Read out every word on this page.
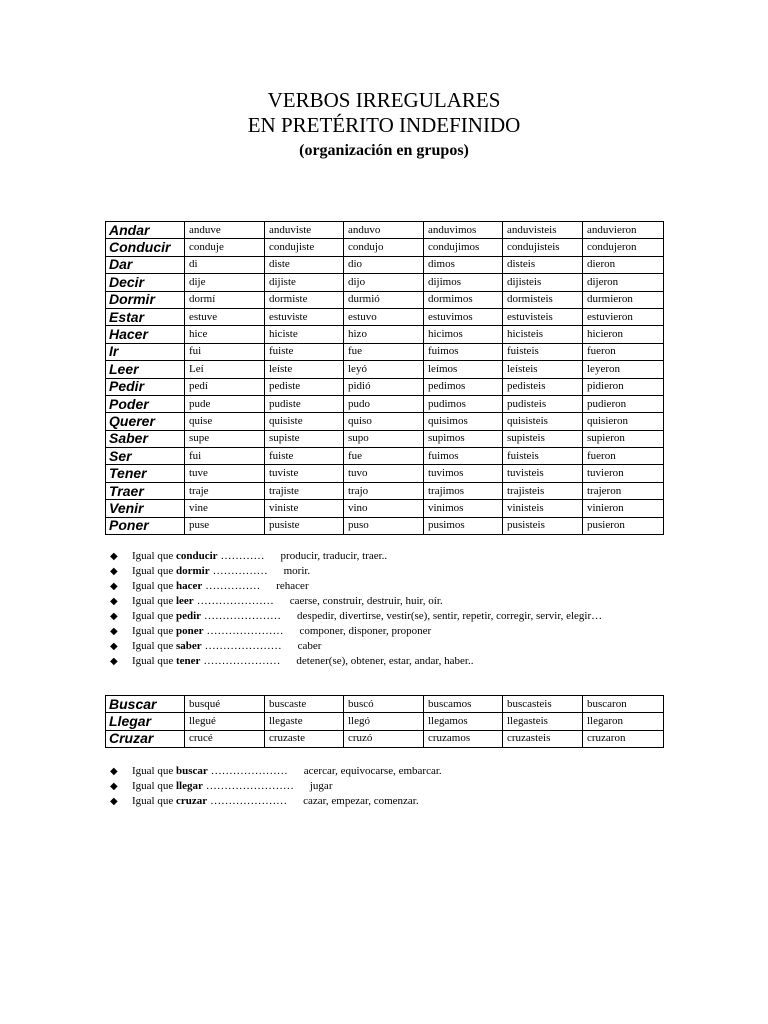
VERBOS IRREGULARES
EN PRETÉRITO INDEFINIDO
(organización en grupos)
Andar	anduve	anduviste	anduvo	anduvimos	anduvisteis	anduvieron
Conducir	conduje	condujiste	condujo	condujimos	condujisteis	condujeron
Dar	di	diste	dio	dimos	disteis	dieron
Decir	dije	dijiste	dijo	dijimos	dijisteis	dijeron
Dormir	dormí	dormiste	durmió	dormimos	dormisteis	durmieron
Estar	estuve	estuviste	estuvo	estuvimos	estuvisteis	estuvieron
Hacer	hice	hiciste	hizo	hicimos	hicisteis	hicieron
Ir	fui	fuiste	fue	fuimos	fuisteis	fueron
Leer	Leí	leíste	leyó	leímos	leísteis	leyeron
Pedir	pedí	pediste	pidió	pedimos	pedisteis	pidieron
Poder	pude	pudiste	pudo	pudimos	pudisteis	pudieron
Querer	quise	quisiste	quiso	quisimos	quisisteis	quisieron
Saber	supe	supiste	supo	supimos	supisteis	supieron
Ser	fui	fuiste	fue	fuimos	fuisteis	fueron
Tener	tuve	tuviste	tuvo	tuvimos	tuvisteis	tuvieron
Traer	traje	trajiste	trajo	trajimos	trajisteis	trajeron
Venir	vine	viniste	vino	vinimos	vinisteis	vinieron
Poner	puse	pusiste	puso	pusimos	pusisteis	pusieron
◆ Igual que conducir ………… producir, traducir, traer..
◆ Igual que dormir …………… morir.
◆ Igual que hacer …………… rehacer
◆ Igual que leer ………………… caerse, construir, destruir, huir, oír.
◆ Igual que pedir ………………… despedir, divertirse, vestir(se), sentir, repetir, corregir, servir, elegir…
◆ Igual que poner ………………… componer, disponer, proponer
◆ Igual que saber ………………… caber
◆ Igual que tener ………………… detener(se), obtener, estar, andar, haber..
Buscar	busqué	buscaste	buscó	buscamos	buscasteis	buscaron
Llegar	llegué	llegaste	llegó	llegamos	llegasteis	llegaron
Cruzar	crucé	cruzaste	cruzó	cruzamos	cruzasteis	cruzaron
◆ Igual que buscar ………………… acercar, equivocarse, embarcar.
◆ Igual que llegar …………………… jugar
◆ Igual que cruzar ………………… cazar, empezar, comenzar.
